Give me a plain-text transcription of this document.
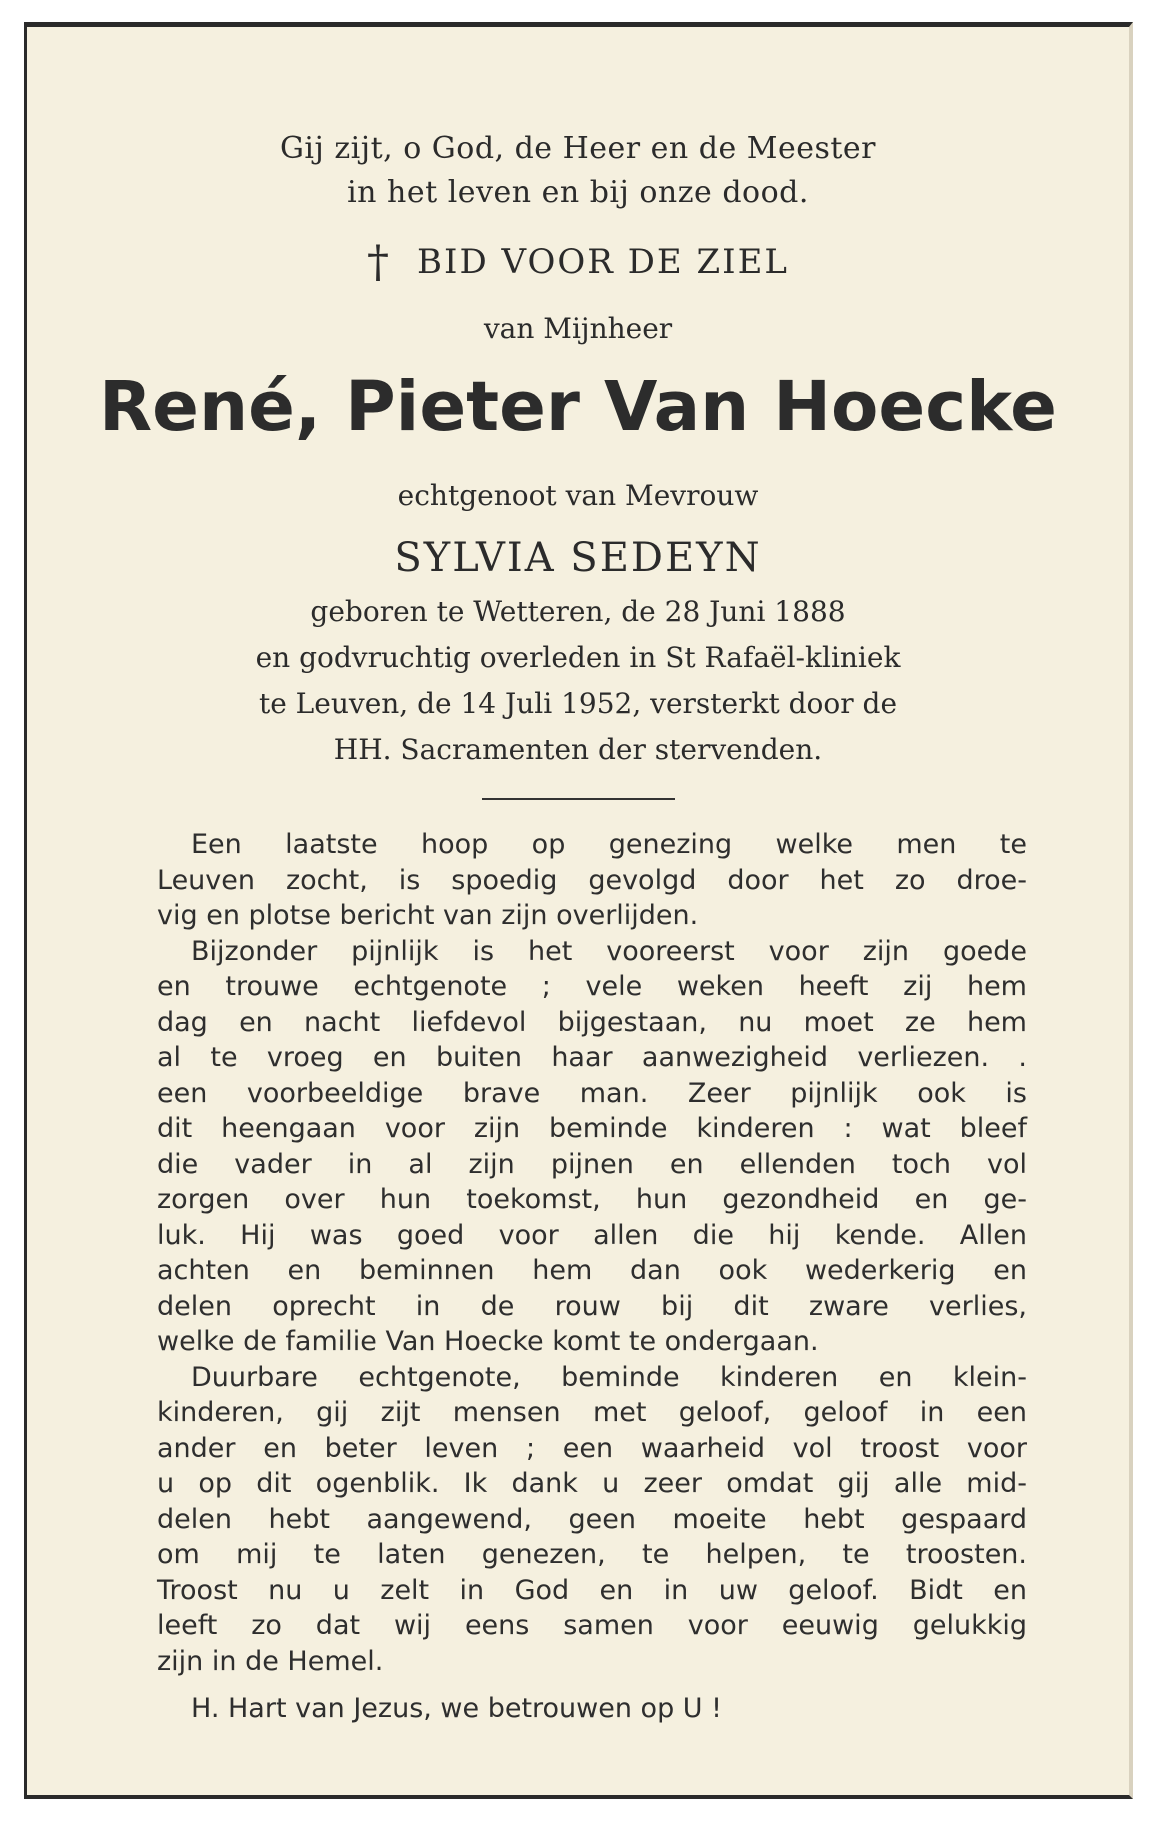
Gij zijt, o God, de Heer en de Meester
in het leven en bij onze dood.
† BID VOOR DE ZIEL
van Mijnheer
René, Pieter Van Hoecke
echtgenoot van Mevrouw
SYLVIA SEDEYN
geboren te Wetteren, de 28 Juni 1888
en godvruchtig overleden in St Rafaël-kliniek
te Leuven, de 14 Juli 1952, versterkt door de
HH. Sacramenten der stervenden.
Een laatste hoop op genezing welke men te
Leuven zocht, is spoedig gevolgd door het zo droe-
vig en plotse bericht van zijn overlijden.
Bijzonder pijnlijk is het vooreerst voor zijn goede
en trouwe echtgenote ; vele weken heeft zij hem
dag en nacht liefdevol bijgestaan, nu moet ze hem
al te vroeg en buiten haar aanwezigheid verliezen. .
een voorbeeldige brave man. Zeer pijnlijk ook is
dit heengaan voor zijn beminde kinderen : wat bleef
die vader in al zijn pijnen en ellenden toch vol
zorgen over hun toekomst, hun gezondheid en ge-
luk. Hij was goed voor allen die hij kende. Allen
achten en beminnen hem dan ook wederkerig en
delen oprecht in de rouw bij dit zware verlies,
welke de familie Van Hoecke komt te ondergaan.
Duurbare echtgenote, beminde kinderen en klein-
kinderen, gij zijt mensen met geloof, geloof in een
ander en beter leven ; een waarheid vol troost voor
u op dit ogenblik. Ik dank u zeer omdat gij alle mid-
delen hebt aangewend, geen moeite hebt gespaard
om mij te laten genezen, te helpen, te troosten.
Troost nu u zelt in God en in uw geloof. Bidt en
leeft zo dat wij eens samen voor eeuwig gelukkig
zijn in de Hemel.
H. Hart van Jezus, we betrouwen op U !
